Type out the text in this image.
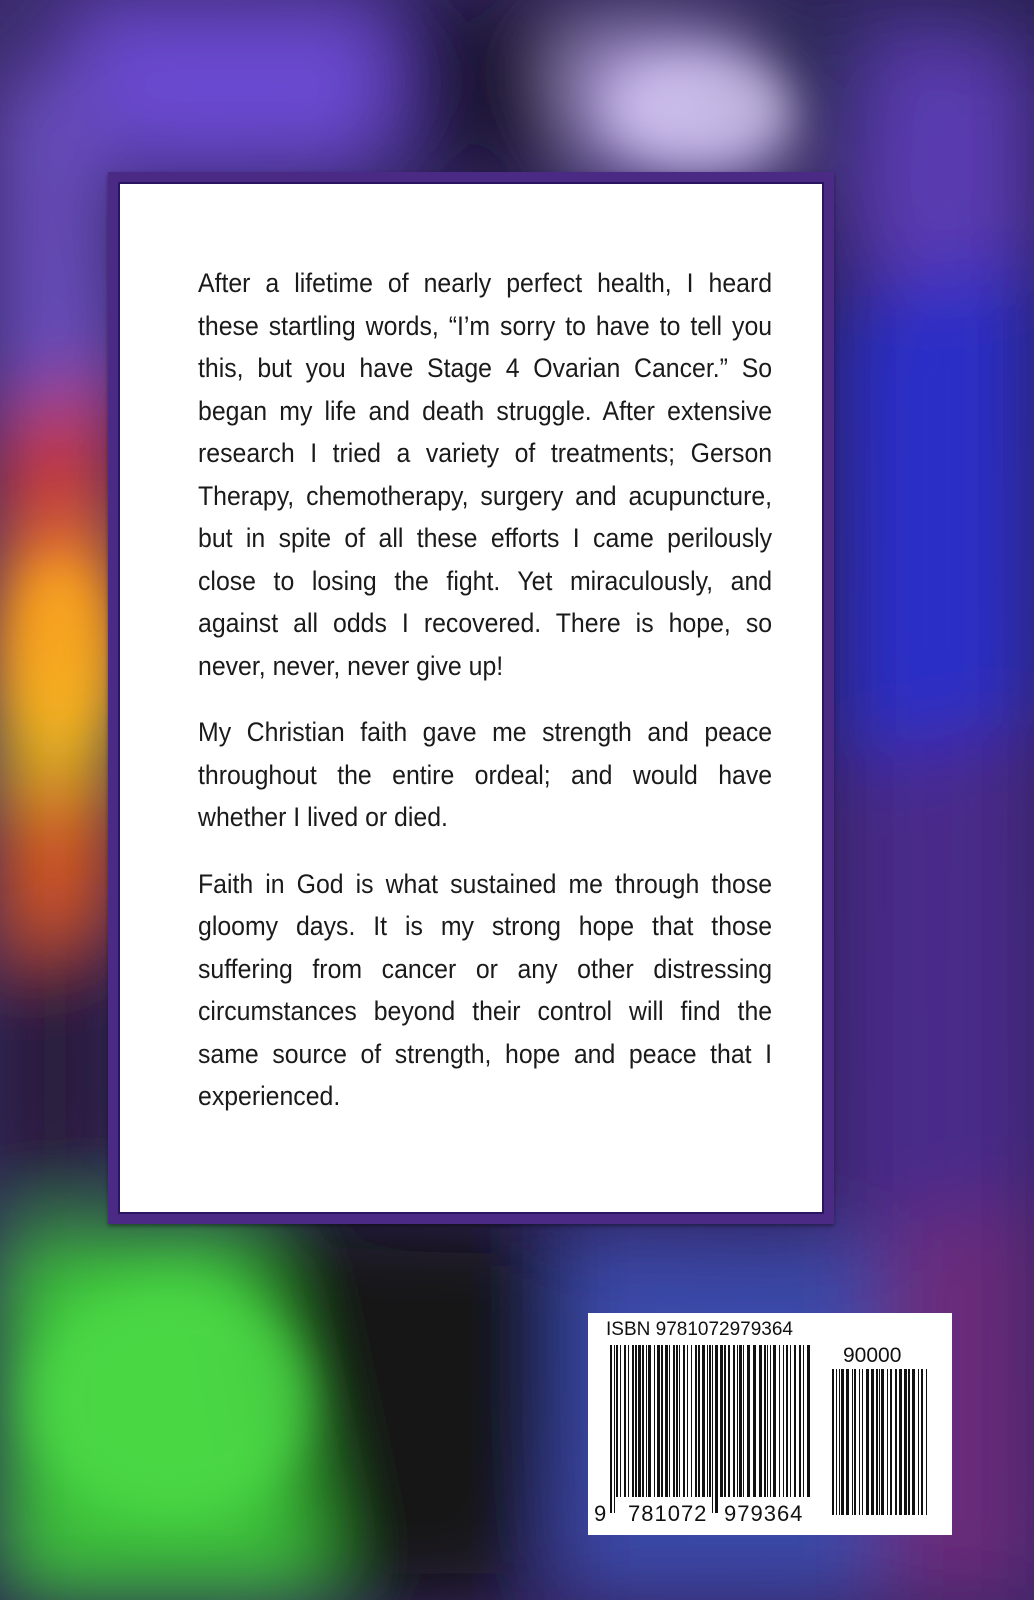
After a lifetime of nearly perfect health, I heard these startling words, “I’m sorry to have to tell you this, but you have Stage 4 Ovarian Cancer.” So began my life and death struggle. After extensive research I tried a variety of treatments; Gerson Therapy, chemotherapy, surgery and acupuncture, but in spite of all these efforts I came perilously close to losing the fight. Yet miraculously, and against all odds I recovered. There is hope, so never, never, never give up!

My Christian faith gave me strength and peace throughout the entire ordeal; and would have whether I lived or died.

Faith in God is what sustained me through those gloomy days. It is my strong hope that those suffering from cancer or any other distressing circumstances beyond their control will find the same source of strength, hope and peace that I experienced.

ISBN 9781072979364
90000
9 781072 979364
